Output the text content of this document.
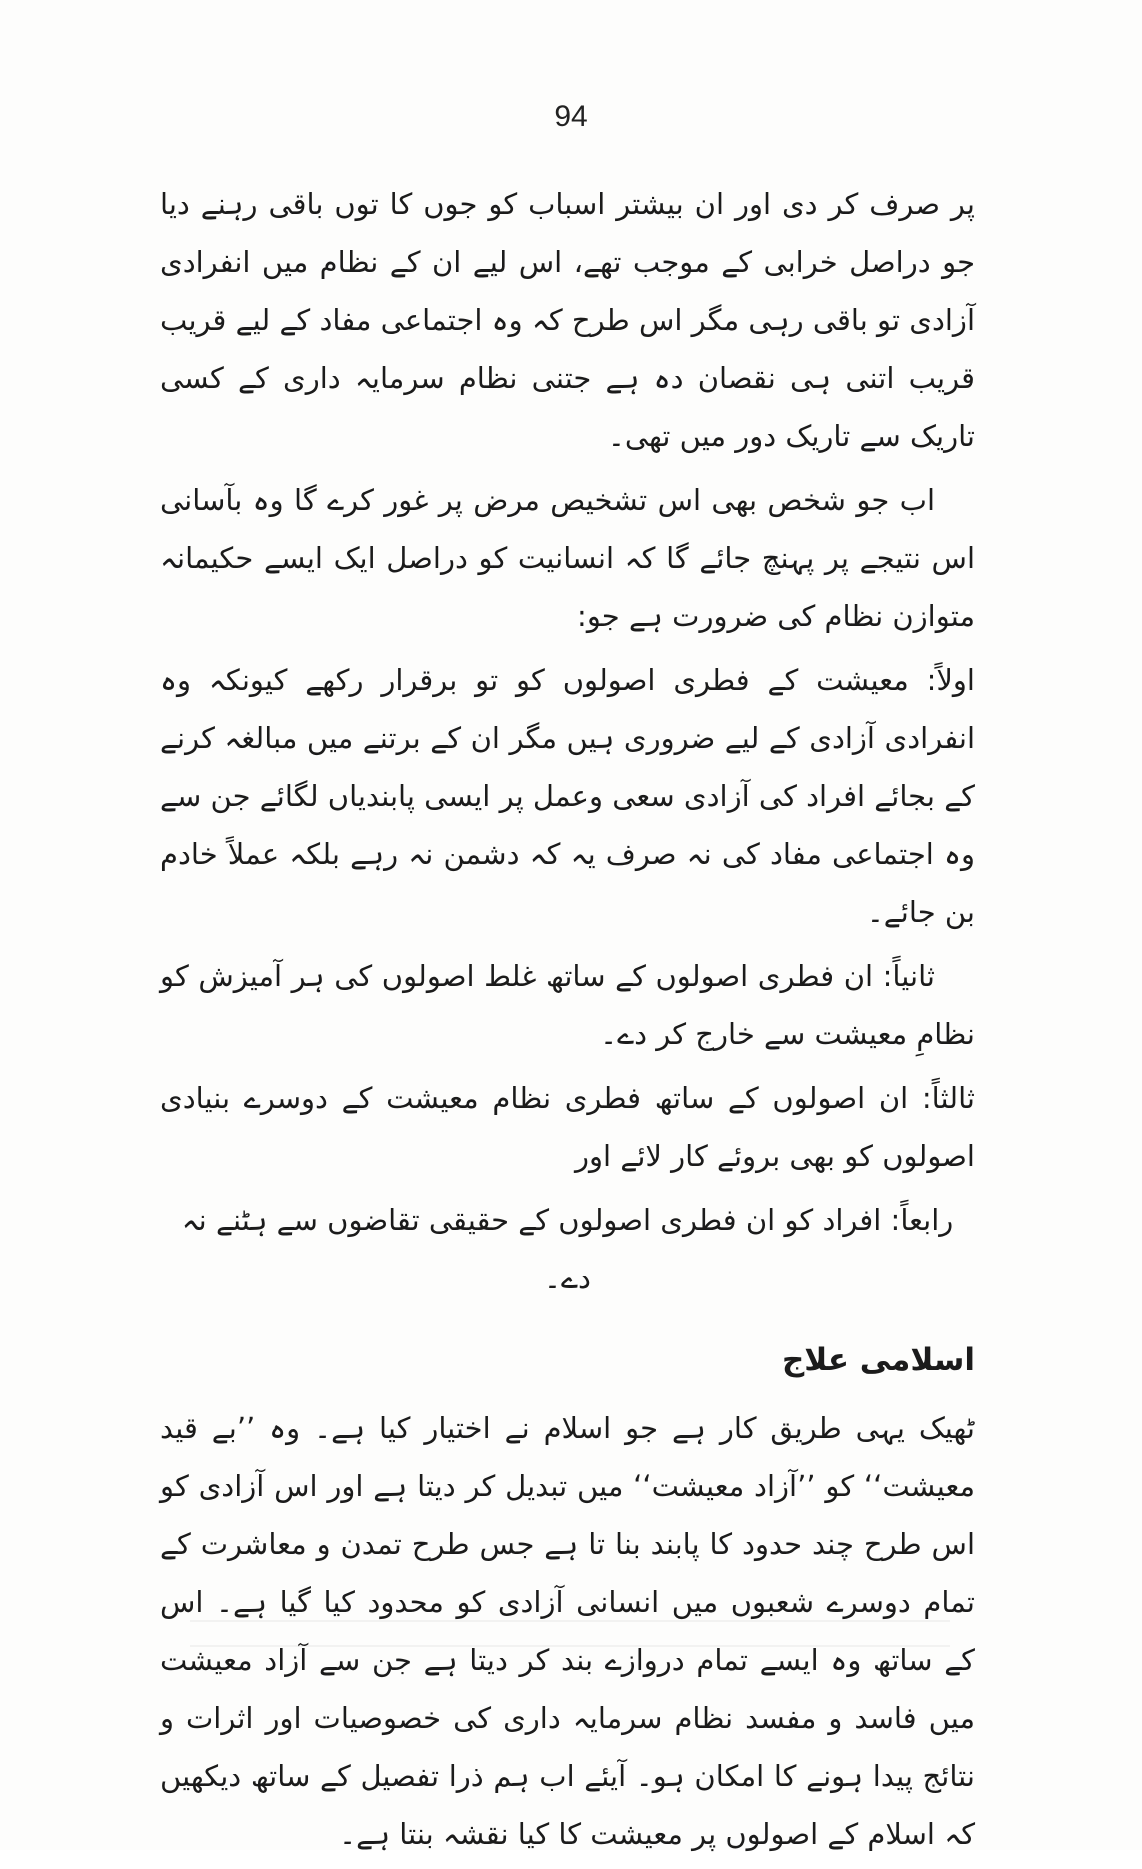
94

پر صرف کر دی اور ان بیشتر اسباب کو جوں کا توں باقی رہنے دیا جو دراصل خرابی کے موجب تھے، اس لیے ان کے نظام میں انفرادی آزادی تو باقی رہی مگر اس طرح کہ وہ اجتماعی مفاد کے لیے قریب قریب اتنی ہی نقصان دہ ہے جتنی نظام سرمایہ داری کے کسی تاریک سے تاریک دور میں تھی۔

اب جو شخص بھی اس تشخیص مرض پر غور کرے گا وہ بآسانی اس نتیجے پر پہنچ جائے گا کہ انسانیت کو دراصل ایک ایسے حکیمانہ متوازن نظام کی ضرورت ہے جو:

اولاً: معیشت کے فطری اصولوں کو تو برقرار رکھے کیونکہ وہ انفرادی آزادی کے لیے ضروری ہیں مگر ان کے برتنے میں مبالغہ کرنے کے بجائے افراد کی آزادی سعی وعمل پر ایسی پابندیاں لگائے جن سے وہ اجتماعی مفاد کی نہ صرف یہ کہ دشمن نہ رہے بلکہ عملاً خادم بن جائے۔

ثانیاً: ان فطری اصولوں کے ساتھ غلط اصولوں کی ہر آمیزش کو نظامِ معیشت سے خارج کر دے۔

ثالثاً: ان اصولوں کے ساتھ فطری نظام معیشت کے دوسرے بنیادی اصولوں کو بھی بروئے کار لائے اور

رابعاً: افراد کو ان فطری اصولوں کے حقیقی تقاضوں سے ہٹنے نہ دے۔

اسلامی علاج

ٹھیک یہی طریق کار ہے جو اسلام نے اختیار کیا ہے۔ وہ ’’بے قید معیشت‘‘ کو ’’آزاد معیشت‘‘ میں تبدیل کر دیتا ہے اور اس آزادی کو اس طرح چند حدود کا پابند بنا تا ہے جس طرح تمدن و معاشرت کے تمام دوسرے شعبوں میں انسانی آزادی کو محدود کیا گیا ہے۔ اس کے ساتھ وہ ایسے تمام دروازے بند کر دیتا ہے جن سے آزاد معیشت میں فاسد و مفسد نظام سرمایہ داری کی خصوصیات اور اثرات و نتائج پیدا ہونے کا امکان ہو۔ آیئے اب ہم ذرا تفصیل کے ساتھ دیکھیں کہ اسلام کے اصولوں پر معیشت کا کیا نقشہ بنتا ہے۔
